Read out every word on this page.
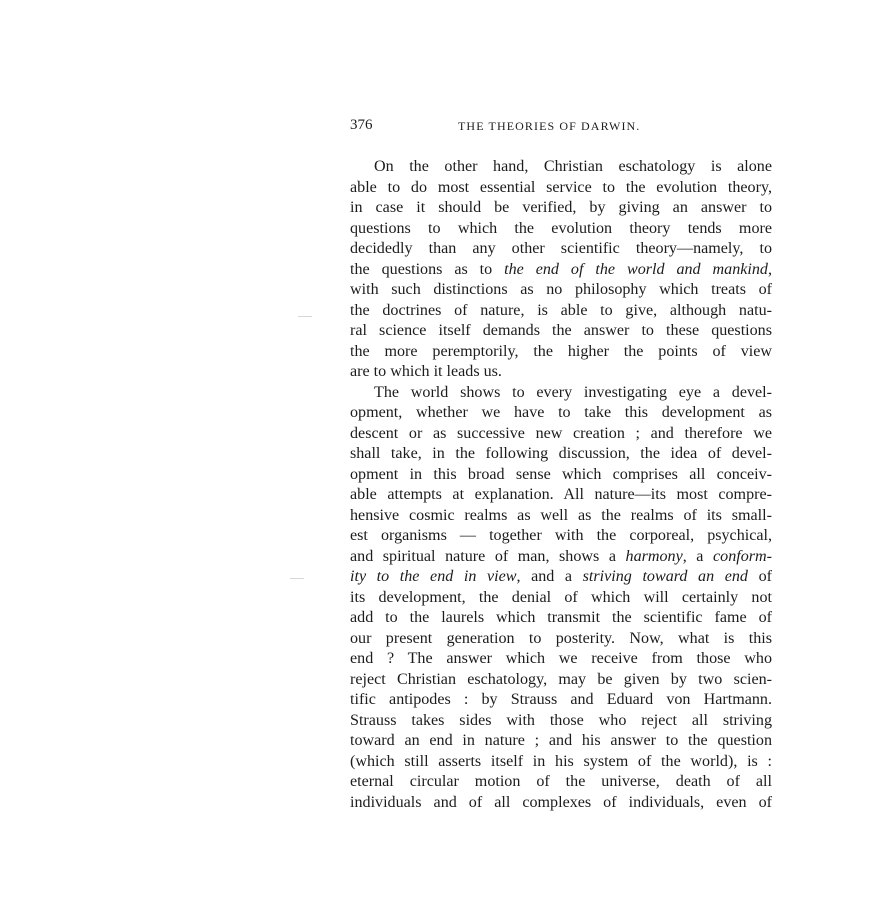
376	THE THEORIES OF DARWIN.
On the other hand, Christian eschatology is alone
able to do most essential service to the evolution theory,
in case it should be verified, by giving an answer to
questions to which the evolution theory tends more
decidedly than any other scientific theory—namely, to
the questions as to the end of the world and mankind,
with such distinctions as no philosophy which treats of
the doctrines of nature, is able to give, although natu-
ral science itself demands the answer to these questions
the more peremptorily, the higher the points of view
are to which it leads us.
The world shows to every investigating eye a devel-
opment, whether we have to take this development as
descent or as successive new creation ; and therefore we
shall take, in the following discussion, the idea of devel-
opment in this broad sense which comprises all conceiv-
able attempts at explanation. All nature—its most compre-
hensive cosmic realms as well as the realms of its small-
est organisms — together with the corporeal, psychical,
and spiritual nature of man, shows a harmony, a conform-
ity to the end in view, and a striving toward an end of
its development, the denial of which will certainly not
add to the laurels which transmit the scientific fame of
our present generation to posterity. Now, what is this
end ? The answer which we receive from those who
reject Christian eschatology, may be given by two scien-
tific antipodes : by Strauss and Eduard von Hartmann.
Strauss takes sides with those who reject all striving
toward an end in nature ; and his answer to the question
(which still asserts itself in his system of the world), is :
eternal circular motion of the universe, death of all
individuals and of all complexes of individuals, even of
